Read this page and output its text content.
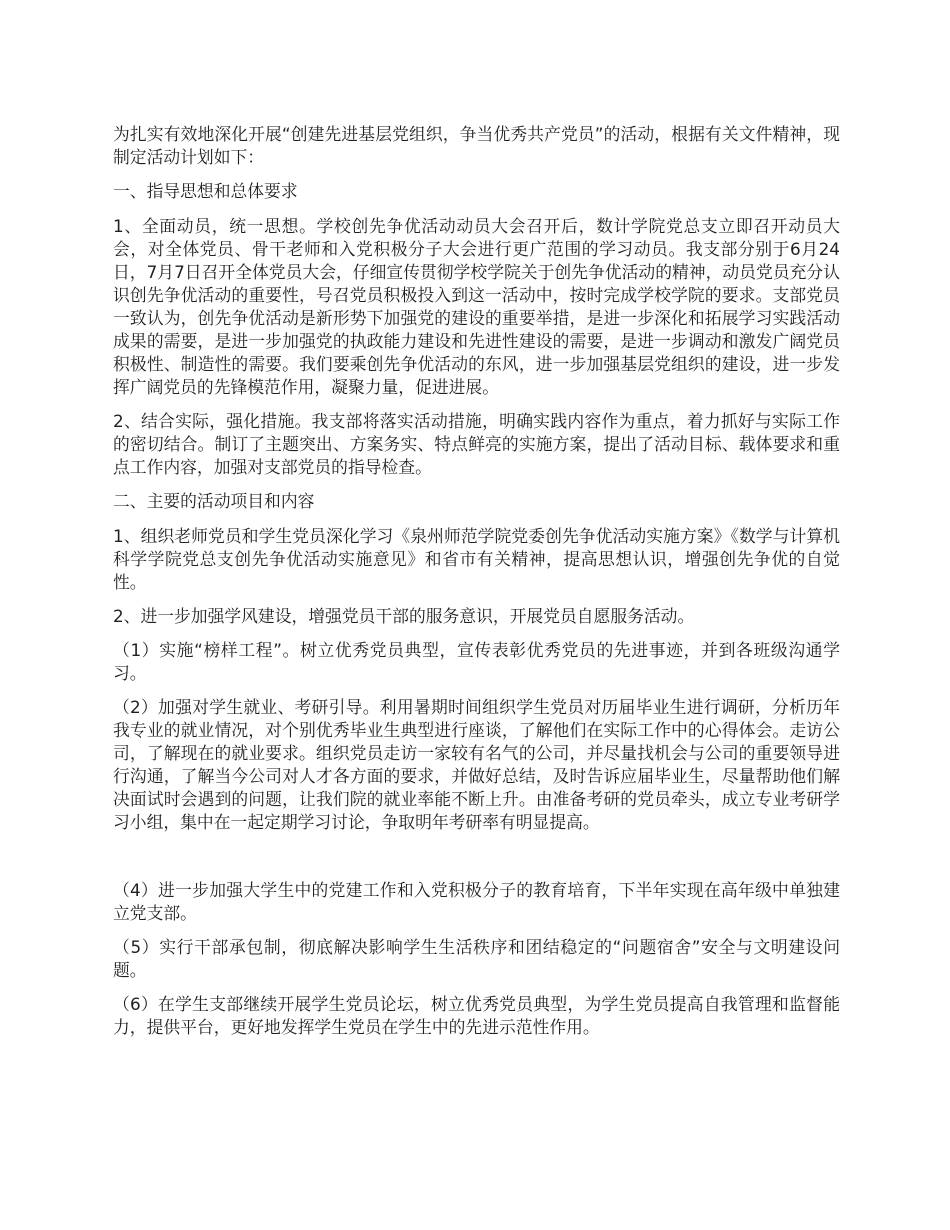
为扎实有效地深化开展“创建先进基层党组织，争当优秀共产党员”的活动，根据有关文件精神，现制定活动计划如下：

一、指导思想和总体要求

1、全面动员，统一思想。学校创先争优活动动员大会召开后，数计学院党总支立即召开动员大会，对全体党员、骨干老师和入党积极分子大会进行更广范围的学习动员。我支部分别于6月24日，7月7日召开全体党员大会，仔细宣传贯彻学校学院关于创先争优活动的精神，动员党员充分认识创先争优活动的重要性，号召党员积极投入到这一活动中，按时完成学校学院的要求。支部党员一致认为，创先争优活动是新形势下加强党的建设的重要举措，是进一步深化和拓展学习实践活动成果的需要，是进一步加强党的执政能力建设和先进性建设的需要，是进一步调动和激发广阔党员积极性、制造性的需要。我们要乘创先争优活动的东风，进一步加强基层党组织的建设，进一步发挥广阔党员的先锋模范作用，凝聚力量，促进进展。

2、结合实际，强化措施。我支部将落实活动措施，明确实践内容作为重点，着力抓好与实际工作的密切结合。制订了主题突出、方案务实、特点鲜亮的实施方案，提出了活动目标、载体要求和重点工作内容，加强对支部党员的指导检查。

二、主要的活动项目和内容

1、组织老师党员和学生党员深化学习《泉州师范学院党委创先争优活动实施方案》《数学与计算机科学学院党总支创先争优活动实施意见》和省市有关精神，提高思想认识，增强创先争优的自觉性。

2、进一步加强学风建设，增强党员干部的服务意识，开展党员自愿服务活动。

（1）实施“榜样工程”。树立优秀党员典型，宣传表彰优秀党员的先进事迹，并到各班级沟通学习。

（2）加强对学生就业、考研引导。利用暑期时间组织学生党员对历届毕业生进行调研，分析历年我专业的就业情况，对个别优秀毕业生典型进行座谈，了解他们在实际工作中的心得体会。走访公司，了解现在的就业要求。组织党员走访一家较有名气的公司，并尽量找机会与公司的重要领导进行沟通，了解当今公司对人才各方面的要求，并做好总结，及时告诉应届毕业生，尽量帮助他们解决面试时会遇到的问题，让我们院的就业率能不断上升。由准备考研的党员牵头，成立专业考研学习小组，集中在一起定期学习讨论，争取明年考研率有明显提高。

（4）进一步加强大学生中的党建工作和入党积极分子的教育培育，下半年实现在高年级中单独建立党支部。

（5）实行干部承包制，彻底解决影响学生生活秩序和团结稳定的“问题宿舍”安全与文明建设问题。

（6）在学生支部继续开展学生党员论坛，树立优秀党员典型，为学生党员提高自我管理和监督能力，提供平台，更好地发挥学生党员在学生中的先进示范性作用。
